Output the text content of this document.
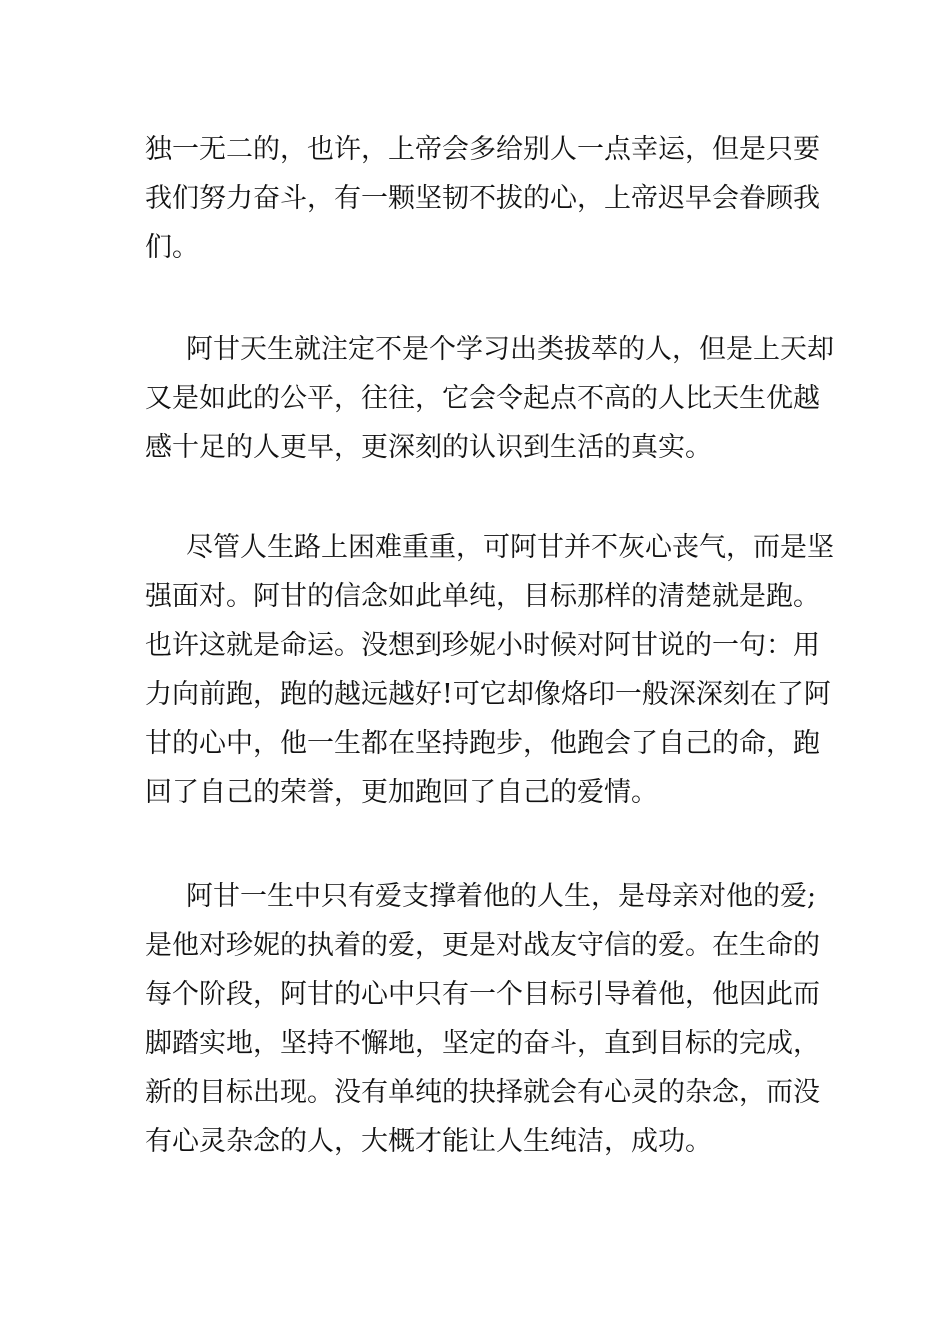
独一无二的，也许，上帝会多给别人一点幸运，但是只要
我们努力奋斗，有一颗坚韧不拔的心，上帝迟早会眷顾我
们。
阿甘天生就注定不是个学习出类拔萃的人，但是上天却
又是如此的公平，往往，它会令起点不高的人比天生优越
感十足的人更早，更深刻的认识到生活的真实。
尽管人生路上困难重重，可阿甘并不灰心丧气，而是坚
强面对。阿甘的信念如此单纯，目标那样的清楚就是跑。
也许这就是命运。没想到珍妮小时候对阿甘说的一句：用
力向前跑，跑的越远越好!可它却像烙印一般深深刻在了阿
甘的心中，他一生都在坚持跑步，他跑会了自己的命，跑
回了自己的荣誉，更加跑回了自己的爱情。
阿甘一生中只有爱支撑着他的人生，是母亲对他的爱;
是他对珍妮的执着的爱，更是对战友守信的爱。在生命的
每个阶段，阿甘的心中只有一个目标引导着他，他因此而
脚踏实地，坚持不懈地，坚定的奋斗，直到目标的完成，
新的目标出现。没有单纯的抉择就会有心灵的杂念，而没
有心灵杂念的人，大概才能让人生纯洁，成功。
